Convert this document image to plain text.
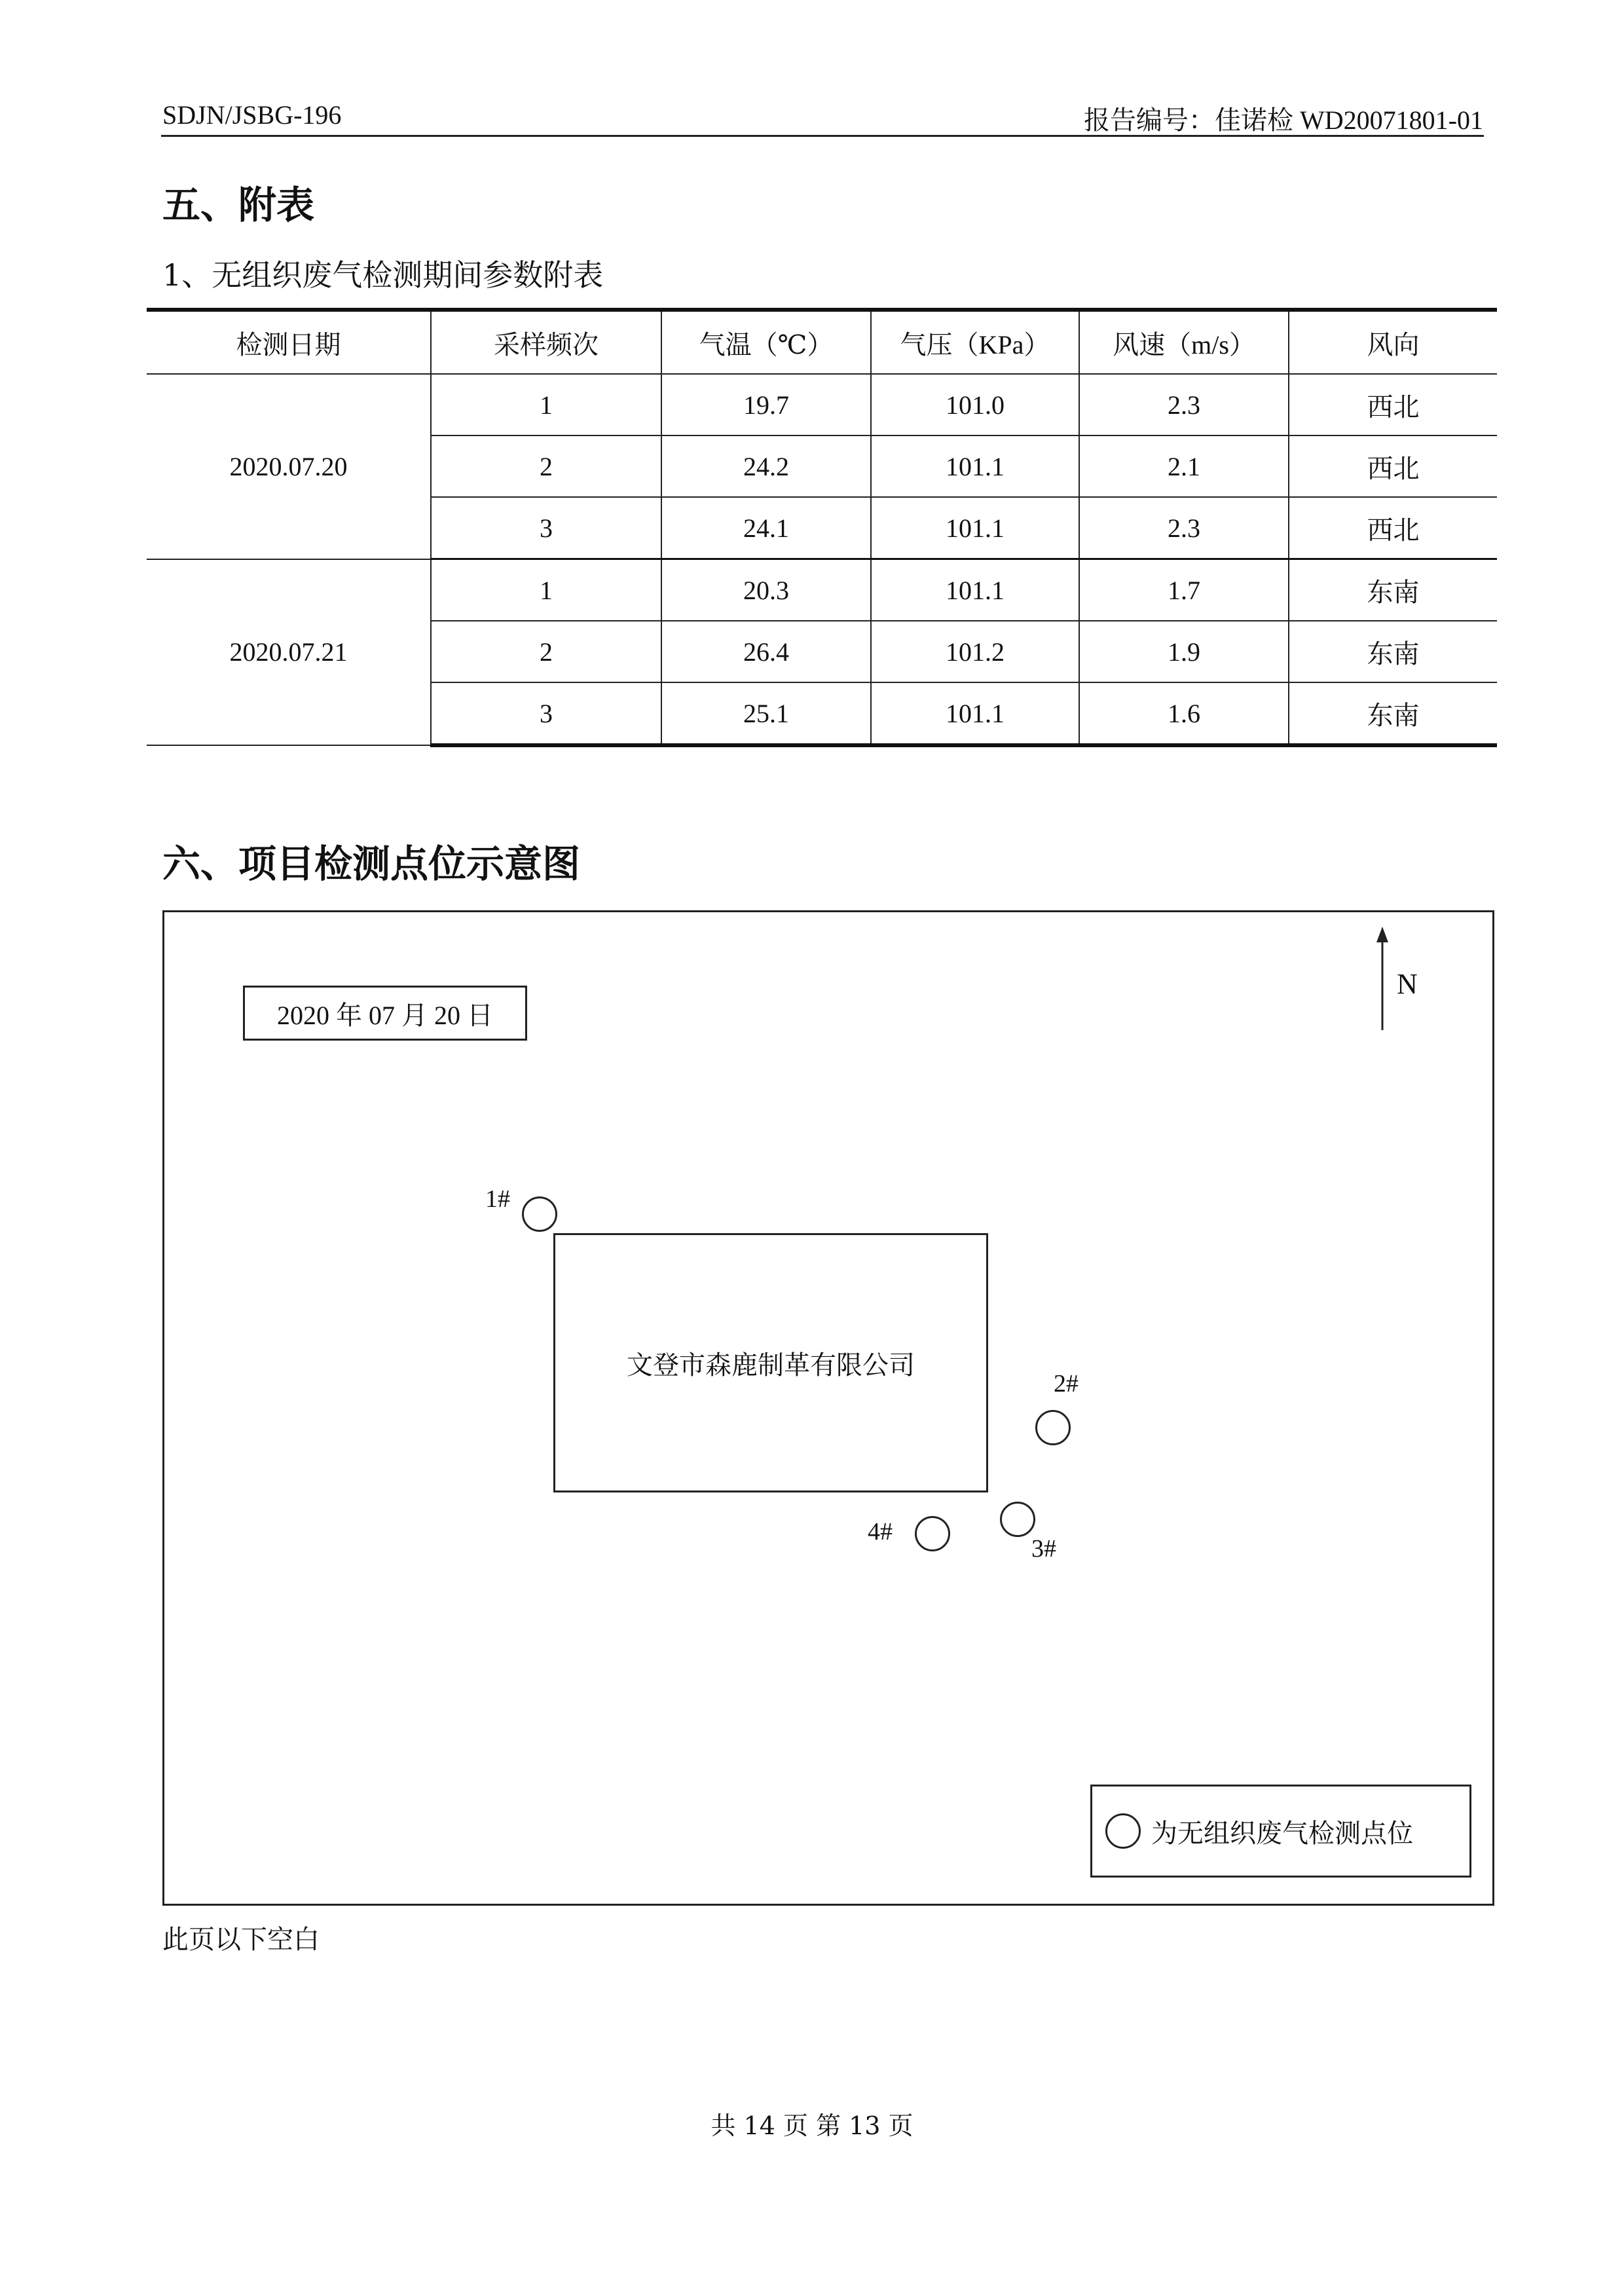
SDJN/JSBG-196	报告编号：佳诺检 WD20071801-01
五、附表
1、无组织废气检测期间参数附表
检测日期	采样频次	气温（℃）	气压（KPa）	风速（m/s）	风向
2020.07.20	1	19.7	101.0	2.3	西北
	2	24.2	101.1	2.1	西北
	3	24.1	101.1	2.3	西北
2020.07.21	1	20.3	101.1	1.7	东南
	2	26.4	101.2	1.9	东南
	3	25.1	101.1	1.6	东南
六、项目检测点位示意图
2020 年 07 月 20 日
N
文登市森鹿制革有限公司
1#
2#
3#
4#
为无组织废气检测点位
此页以下空白
共 14 页 第 13 页
